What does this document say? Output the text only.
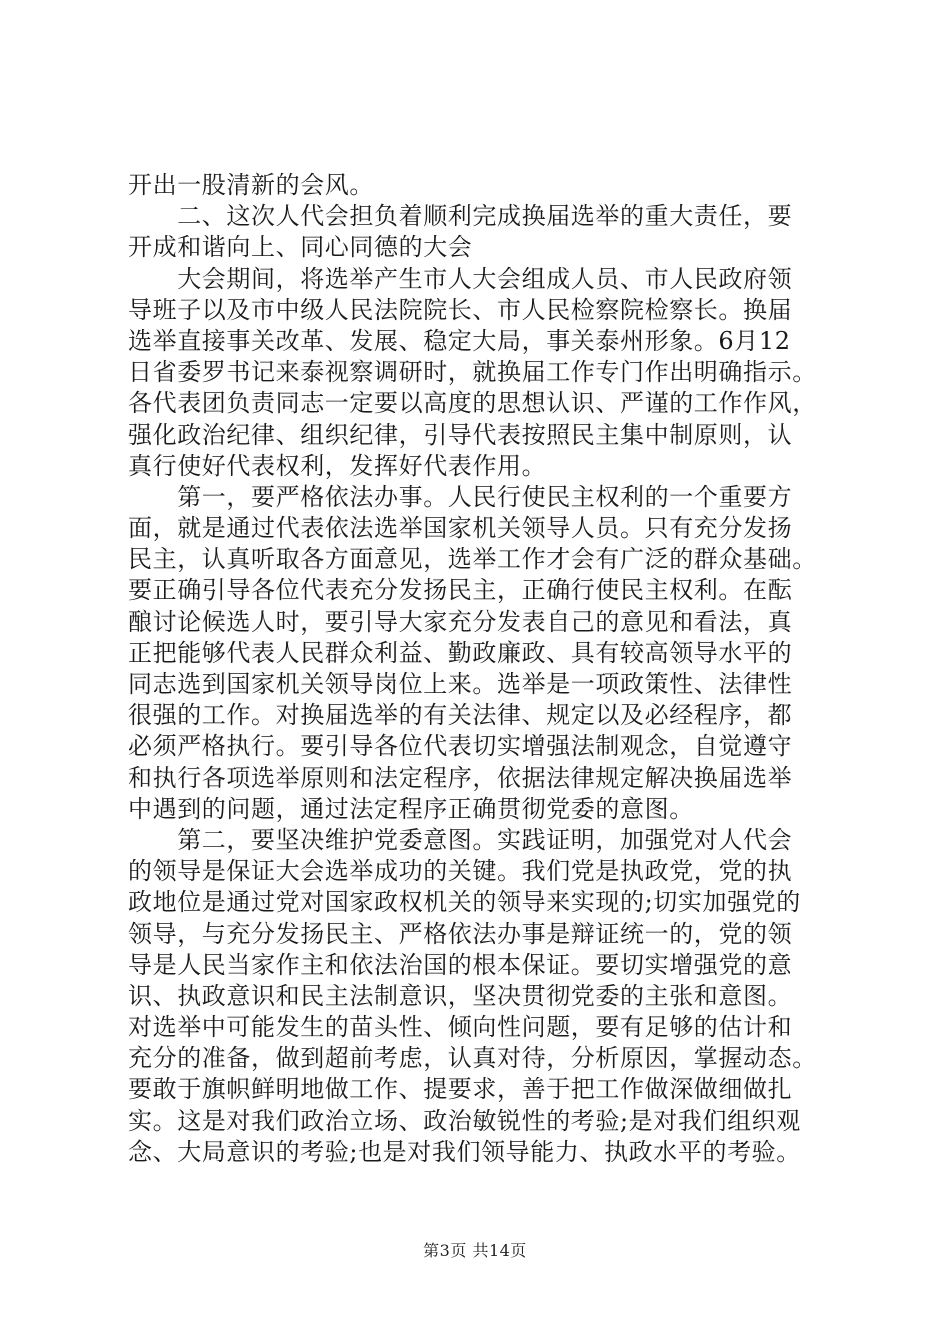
开出一股清新的会风。
　　二、这次人代会担负着顺利完成换届选举的重大责任，要
开成和谐向上、同心同德的大会
　　大会期间，将选举产生市人大会组成人员、市人民政府领
导班子以及市中级人民法院院长、市人民检察院检察长。换届
选举直接事关改革、发展、稳定大局，事关泰州形象。6月12
日省委罗书记来泰视察调研时，就换届工作专门作出明确指示。
各代表团负责同志一定要以高度的思想认识、严谨的工作作风，
强化政治纪律、组织纪律，引导代表按照民主集中制原则，认
真行使好代表权利，发挥好代表作用。
　　第一，要严格依法办事。人民行使民主权利的一个重要方
面，就是通过代表依法选举国家机关领导人员。只有充分发扬
民主，认真听取各方面意见，选举工作才会有广泛的群众基础。
要正确引导各位代表充分发扬民主，正确行使民主权利。在酝
酿讨论候选人时，要引导大家充分发表自己的意见和看法，真
正把能够代表人民群众利益、勤政廉政、具有较高领导水平的
同志选到国家机关领导岗位上来。选举是一项政策性、法律性
很强的工作。对换届选举的有关法律、规定以及必经程序，都
必须严格执行。要引导各位代表切实增强法制观念，自觉遵守
和执行各项选举原则和法定程序，依据法律规定解决换届选举
中遇到的问题，通过法定程序正确贯彻党委的意图。
　　第二，要坚决维护党委意图。实践证明，加强党对人代会
的领导是保证大会选举成功的关键。我们党是执政党，党的执
政地位是通过党对国家政权机关的领导来实现的;切实加强党的
领导，与充分发扬民主、严格依法办事是辩证统一的，党的领
导是人民当家作主和依法治国的根本保证。要切实增强党的意
识、执政意识和民主法制意识，坚决贯彻党委的主张和意图。
对选举中可能发生的苗头性、倾向性问题，要有足够的估计和
充分的准备，做到超前考虑，认真对待，分析原因，掌握动态。
要敢于旗帜鲜明地做工作、提要求，善于把工作做深做细做扎
实。这是对我们政治立场、政治敏锐性的考验;是对我们组织观
念、大局意识的考验;也是对我们领导能力、执政水平的考验。
第3页 共14页
